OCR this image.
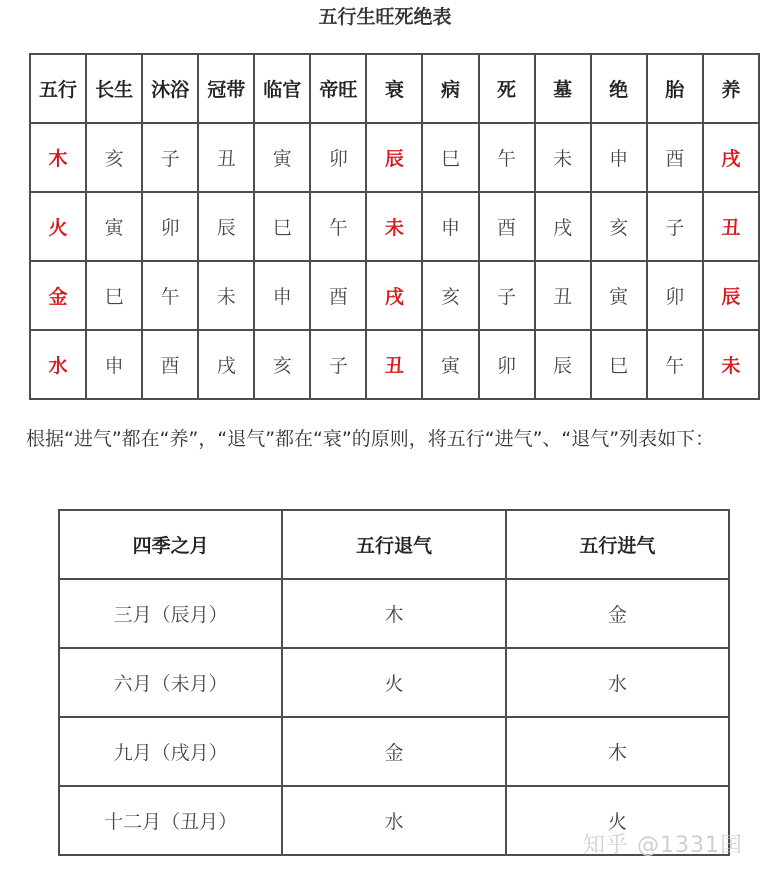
五行生旺死绝表
五行	长生	沐浴	冠带	临官	帝旺	衰	病	死	墓	绝	胎	养
木	亥	子	丑	寅	卯	辰	巳	午	未	申	酉	戌
火	寅	卯	辰	巳	午	未	申	酉	戌	亥	子	丑
金	巳	午	未	申	酉	戌	亥	子	丑	寅	卯	辰
水	申	酉	戌	亥	子	丑	寅	卯	辰	巳	午	未
根据“进气”都在“养”，“退气”都在“衰”的原则，将五行“进气”、“退气”列表如下：
四季之月	五行退气	五行进气
三月（辰月）	木	金
六月（未月）	火	水
九月（戌月）	金	木
十二月（丑月）	水	火
知乎 @1331囯
